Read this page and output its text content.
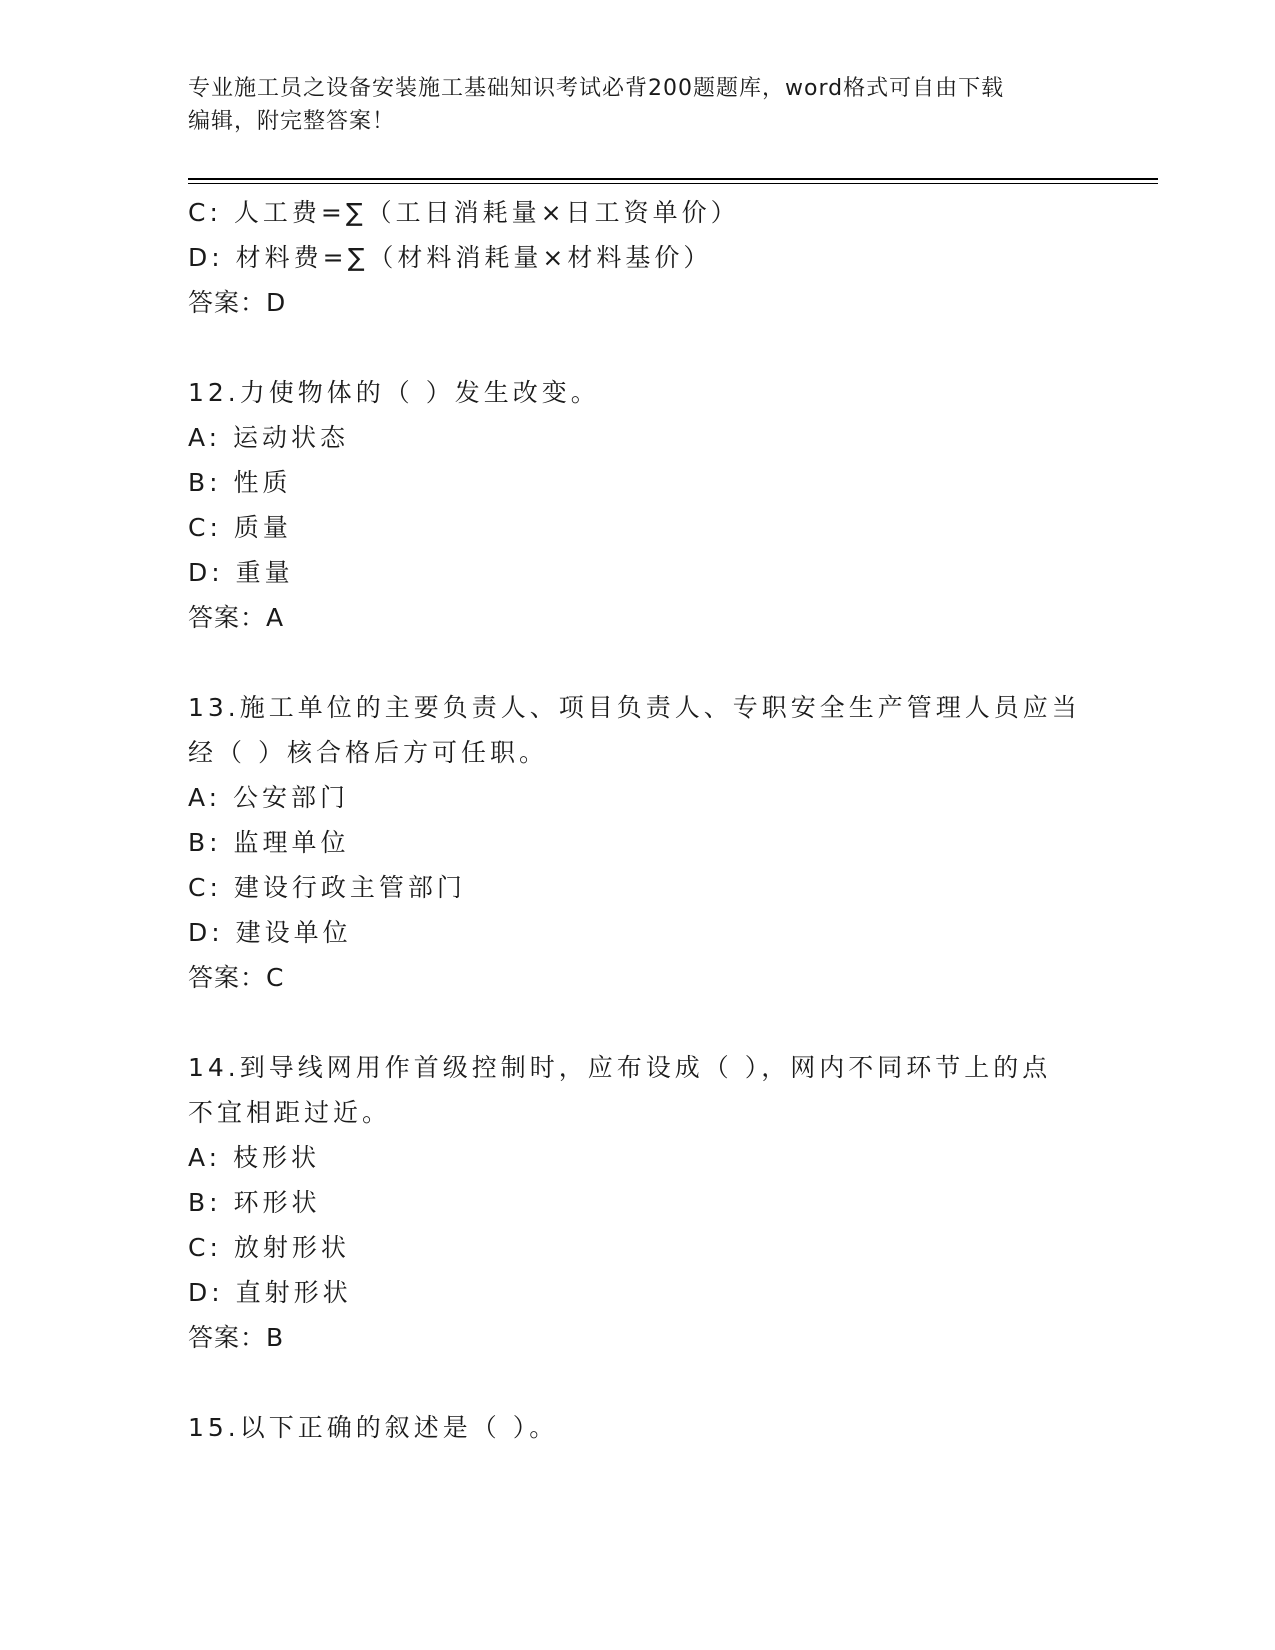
专业施工员之设备安装施工基础知识考试必背200题题库，word格式可自由下载
编辑，附完整答案！
C: 人工费=∑（工日消耗量×日工资单价）
D: 材料费=∑（材料消耗量×材料基价）
答案：D
12.力使物体的（ ）发生改变。
A: 运动状态
B: 性质
C: 质量
D: 重量
答案：A
13.施工单位的主要负责人、项目负责人、专职安全生产管理人员应当
经（ ）核合格后方可任职。
A: 公安部门
B: 监理单位
C: 建设行政主管部门
D: 建设单位
答案：C
14.到导线网用作首级控制时，应布设成（ ），网内不同环节上的点
不宜相距过近。
A: 枝形状
B: 环形状
C: 放射形状
D: 直射形状
答案：B
15.以下正确的叙述是（ ）。
